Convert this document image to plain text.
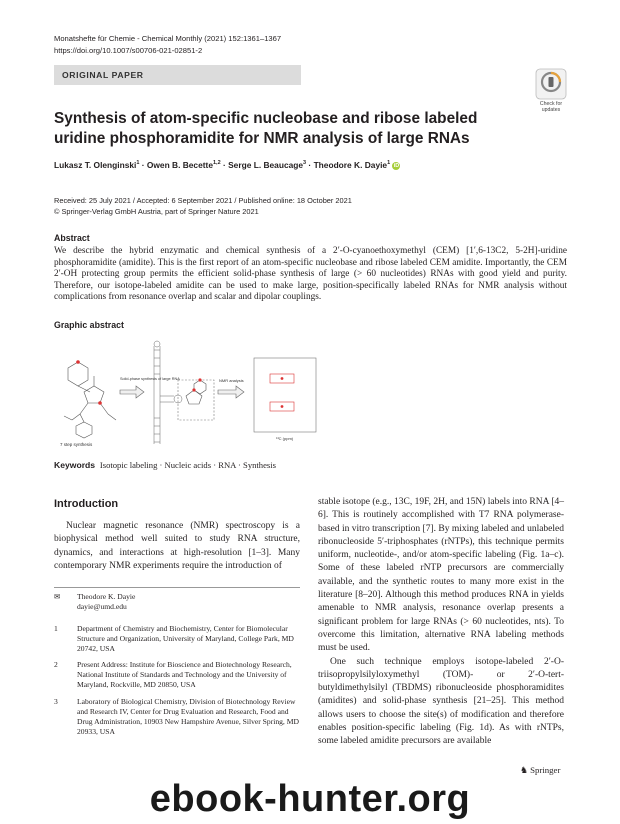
Monatshefte für Chemie - Chemical Monthly (2021) 152:1361–1367
https://doi.org/10.1007/s00706-021-02851-2
ORIGINAL PAPER
Check for
updates
Synthesis of atom-specific nucleobase and ribose labeled uridine phosphoramidite for NMR analysis of large RNAs
Lukasz T. Olenginski$^1$ · Owen B. Becette$^{1,2}$ · Serge L. Beaucage$^3$ · Theodore K. Dayie$^1$ iD
Received: 25 July 2021 / Accepted: 6 September 2021 / Published online: 18 October 2021
© Springer-Verlag GmbH Austria, part of Springer Nature 2021
Abstract
We describe the hybrid enzymatic and chemical synthesis of a 2′-O-cyanoethoxymethyl (CEM) [1′,6-13C2, 5-2H]-uridine phosphoramidite (amidite). This is the first report of an atom-specific nucleobase and ribose labeled CEM amidite. Importantly, the CEM 2′-OH protecting group permits the efficient solid-phase synthesis of large (> 60 nucleotides) RNAs with good yield and purity. Therefore, our isotope-labeled amidite can be used to make large, position-specifically labeled RNAs for NMR analysis without complications from resonance overlap and scalar and dipolar couplings.
Graphic abstract
7 step synthesis
Solid-phase synthesis of large RNA	NMR analysis
¹³C (ppm)
Keywords Isotopic labeling · Nucleic acids · RNA · Synthesis
Introduction

Nuclear magnetic resonance (NMR) spectroscopy is a biophysical method well suited to study RNA structure, dynamics, and interactions at high-resolution [1–3]. Many contemporary NMR experiments require the introduction of

✉ Theodore K. Dayie
dayie@umd.edu
1	Department of Chemistry and Biochemistry, Center for Biomolecular Structure and Organization, University of Maryland, College Park, MD 20742, USA
2	Present Address: Institute for Bioscience and Biotechnology Research, National Institute of Standards and Technology and the University of Maryland, Rockville, MD 20850, USA
3	Laboratory of Biological Chemistry, Division of Biotechnology Review and Research IV, Center for Drug Evaluation and Research, Food and Drug Administration, 10903 New Hampshire Avenue, Silver Spring, MD 20933, USA

stable isotope (e.g., 13C, 19F, 2H, and 15N) labels into RNA [4–6]. This is routinely accomplished with T7 RNA polymerase-based in vitro transcription [7]. By mixing labeled and unlabeled ribonucleoside 5′-triphosphates (rNTPs), this technique permits uniform, nucleotide-, and/or atom-specific labeling (Fig. 1a–c). Some of these labeled rNTP precursors are commercially available, and the synthetic routes to many more exist in the literature [8–20]. Although this method produces RNA in yields amenable to NMR analysis, resonance overlap presents a significant problem for large RNAs (> 60 nucleotides, nts). To overcome this limitation, alternative RNA labeling methods must be used.

One such technique employs isotope-labeled 2′-O-triisopropylsilyloxymethyl (TOM)- or 2′-O-tert-butyldimethylsilyl (TBDMS) ribonucleoside phosphoramidites (amidites) and solid-phase synthesis [21–25]. This method allows users to choose the site(s) of modification and therefore enables position-specific labeling (Fig. 1d). As with rNTPs, some labeled amidite precursors are available

♞ Springer
ebook-hunter.org
